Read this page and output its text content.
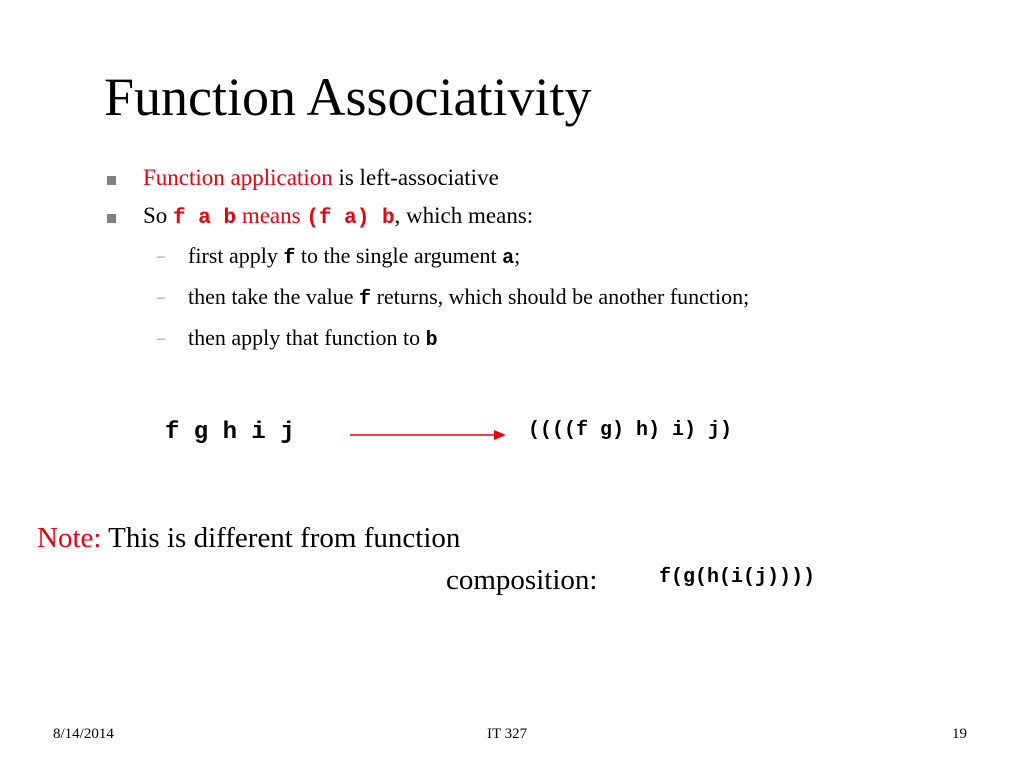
Function Associativity
Function application is left-associative
So f a b means (f a) b, which means:
– first apply f to the single argument a;
– then take the value f returns, which should be another function;
– then apply that function to b
f g h i j	((((f g) h) i) j)
Note: This is different from function
composition:	f(g(h(i(j))))
8/14/2014	IT 327	19
